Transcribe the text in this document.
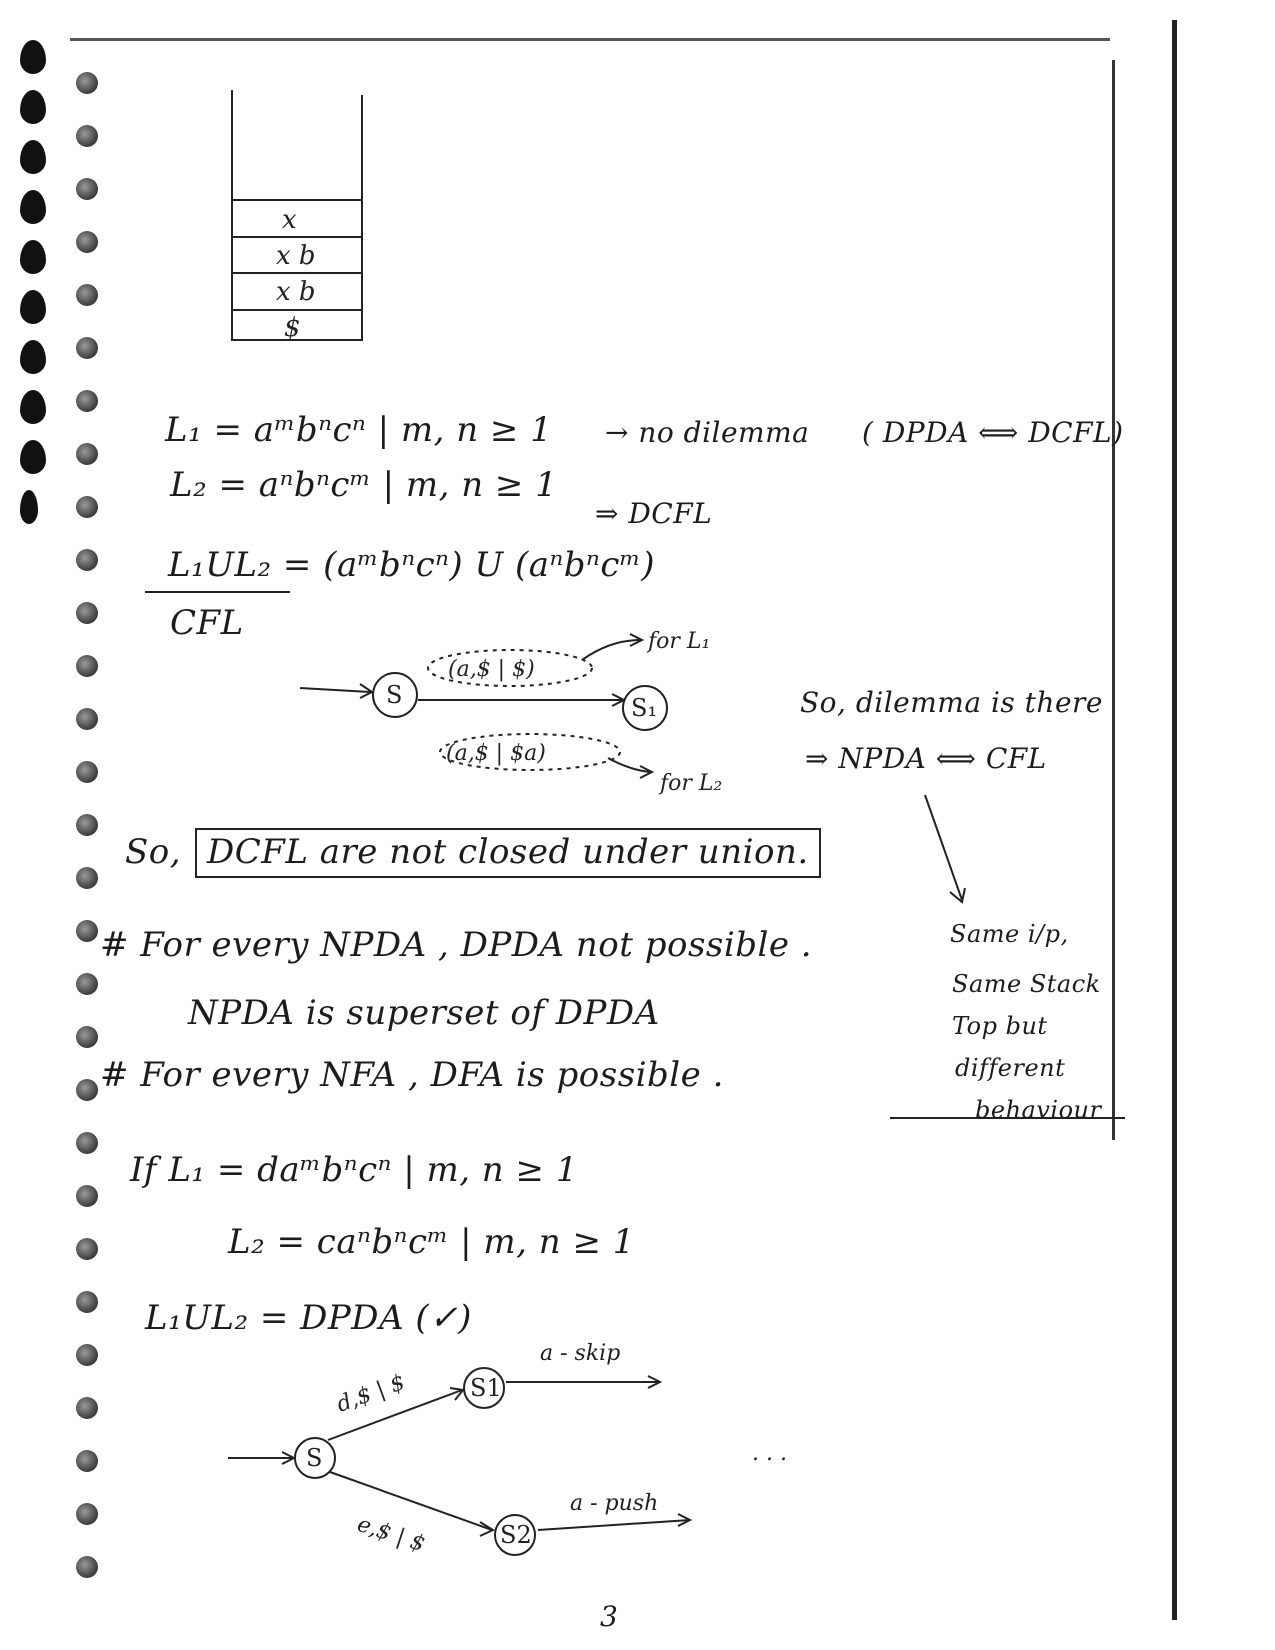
S	S₁
(a,$ | $)
(a,$ | $a)
for L₁
for L₂
S
S1
S2
d,$ | $
e,$ | $
a - skip
a - push
. . .
x
x b
x b
$
L₁ = aᵐbⁿcⁿ | m, n ≥ 1 → no dilemma ( DPDA ⟺ DCFL)
L₂ = aⁿbⁿcᵐ | m, n ≥ 1
⇒ DCFL
L₁UL₂ = (aᵐbⁿcⁿ) U (aⁿbⁿcᵐ)
CFL
So, dilemma is there
⇒ NPDA ⟺ CFL
So, DCFL are not closed under union.
# For every NPDA , DPDA not possible .
NPDA is superset of DPDA
# For every NFA , DFA is possible .
Same i/p,
Same Stack
Top but
different
behaviour
If L₁ = daᵐbⁿcⁿ | m, n ≥ 1
L₂ = caⁿbⁿcᵐ | m, n ≥ 1
L₁UL₂ = DPDA (✓)
3
